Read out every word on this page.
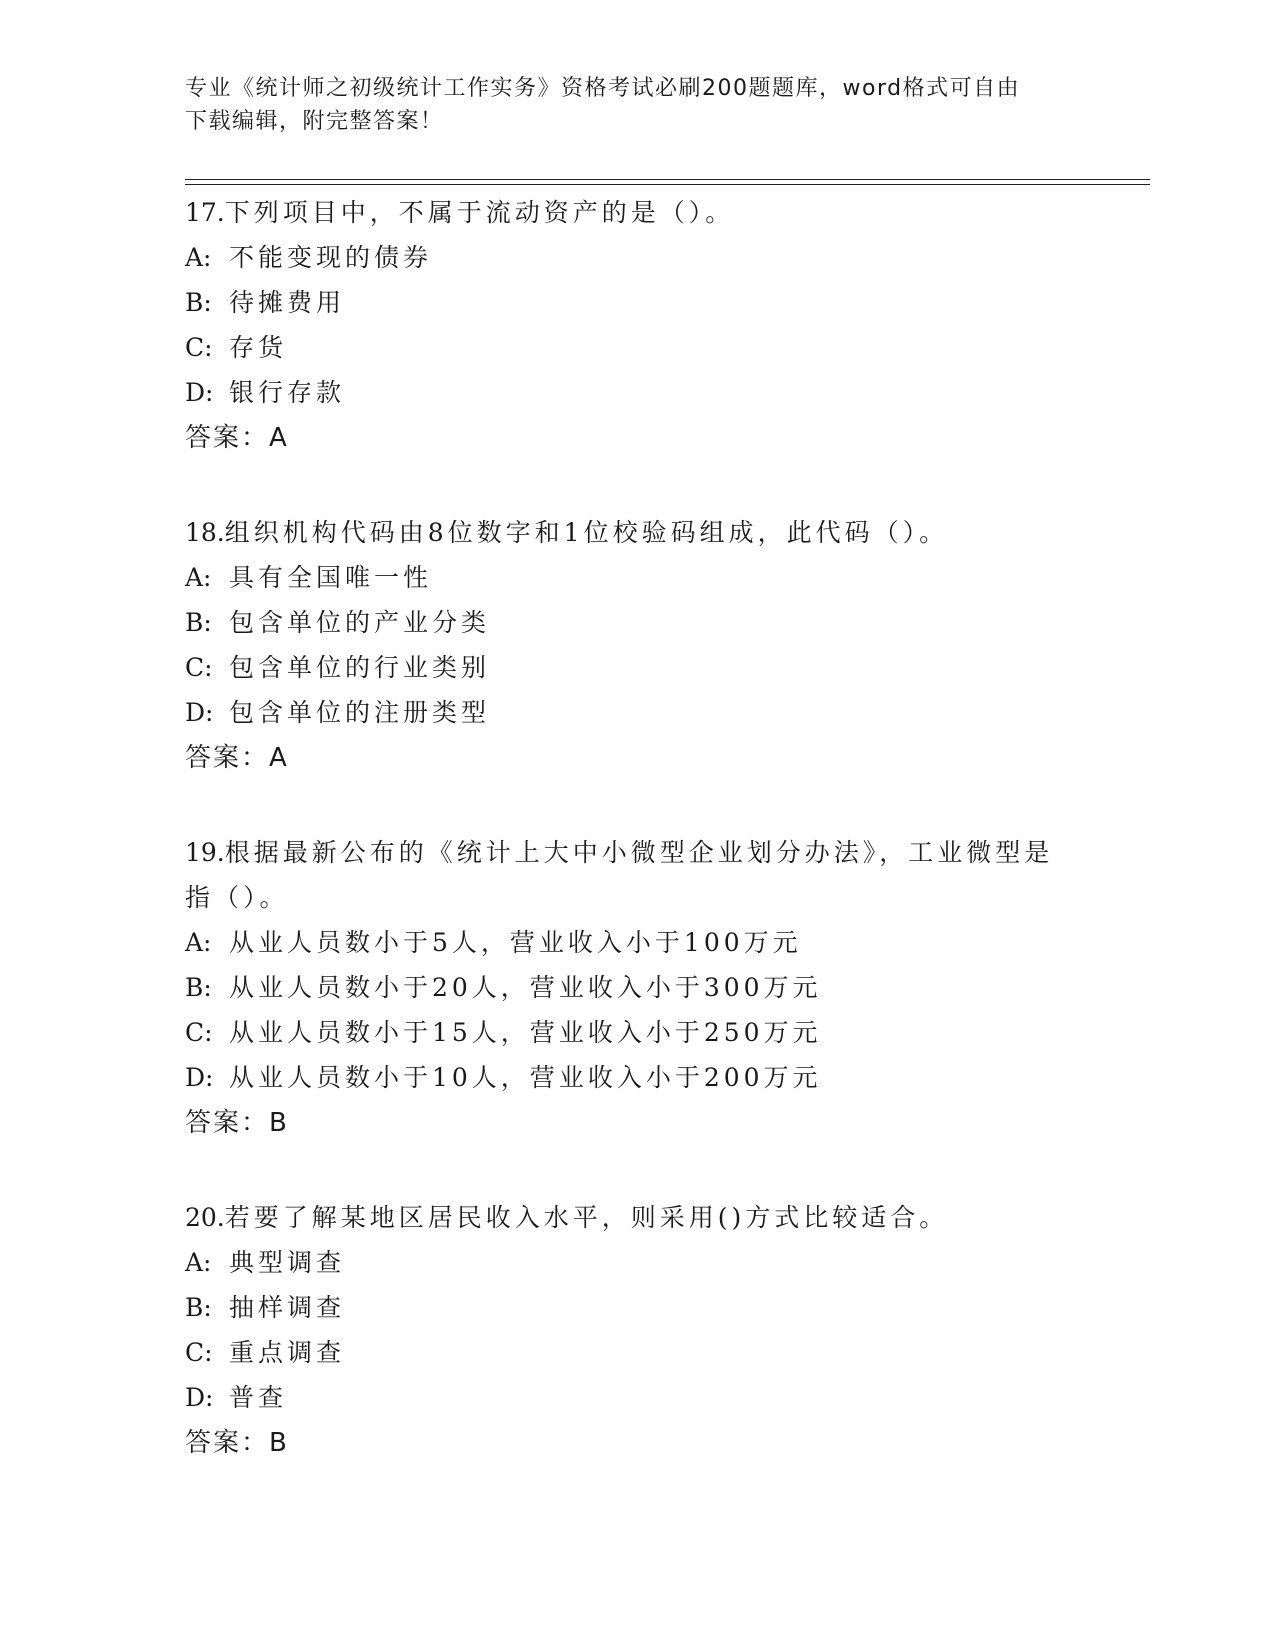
专业《统计师之初级统计工作实务》资格考试必刷200题题库，word格式可自由
下载编辑，附完整答案！

17.下列项目中，不属于流动资产的是（）。

A: 不能变现的债券

B: 待摊费用

C: 存货

D: 银行存款

答案：A

18.组织机构代码由8位数字和1位校验码组成，此代码（）。

A: 具有全国唯一性

B: 包含单位的产业分类

C: 包含单位的行业类别

D: 包含单位的注册类型

答案：A

19.根据最新公布的《统计上大中小微型企业划分办法》，工业微型是

指（）。

A: 从业人员数小于5人，营业收入小于100万元

B: 从业人员数小于20人，营业收入小于300万元

C: 从业人员数小于15人，营业收入小于250万元

D: 从业人员数小于10人，营业收入小于200万元

答案：B

20.若要了解某地区居民收入水平，则采用()方式比较适合。

A: 典型调查

B: 抽样调查

C: 重点调查

D: 普查

答案：B
